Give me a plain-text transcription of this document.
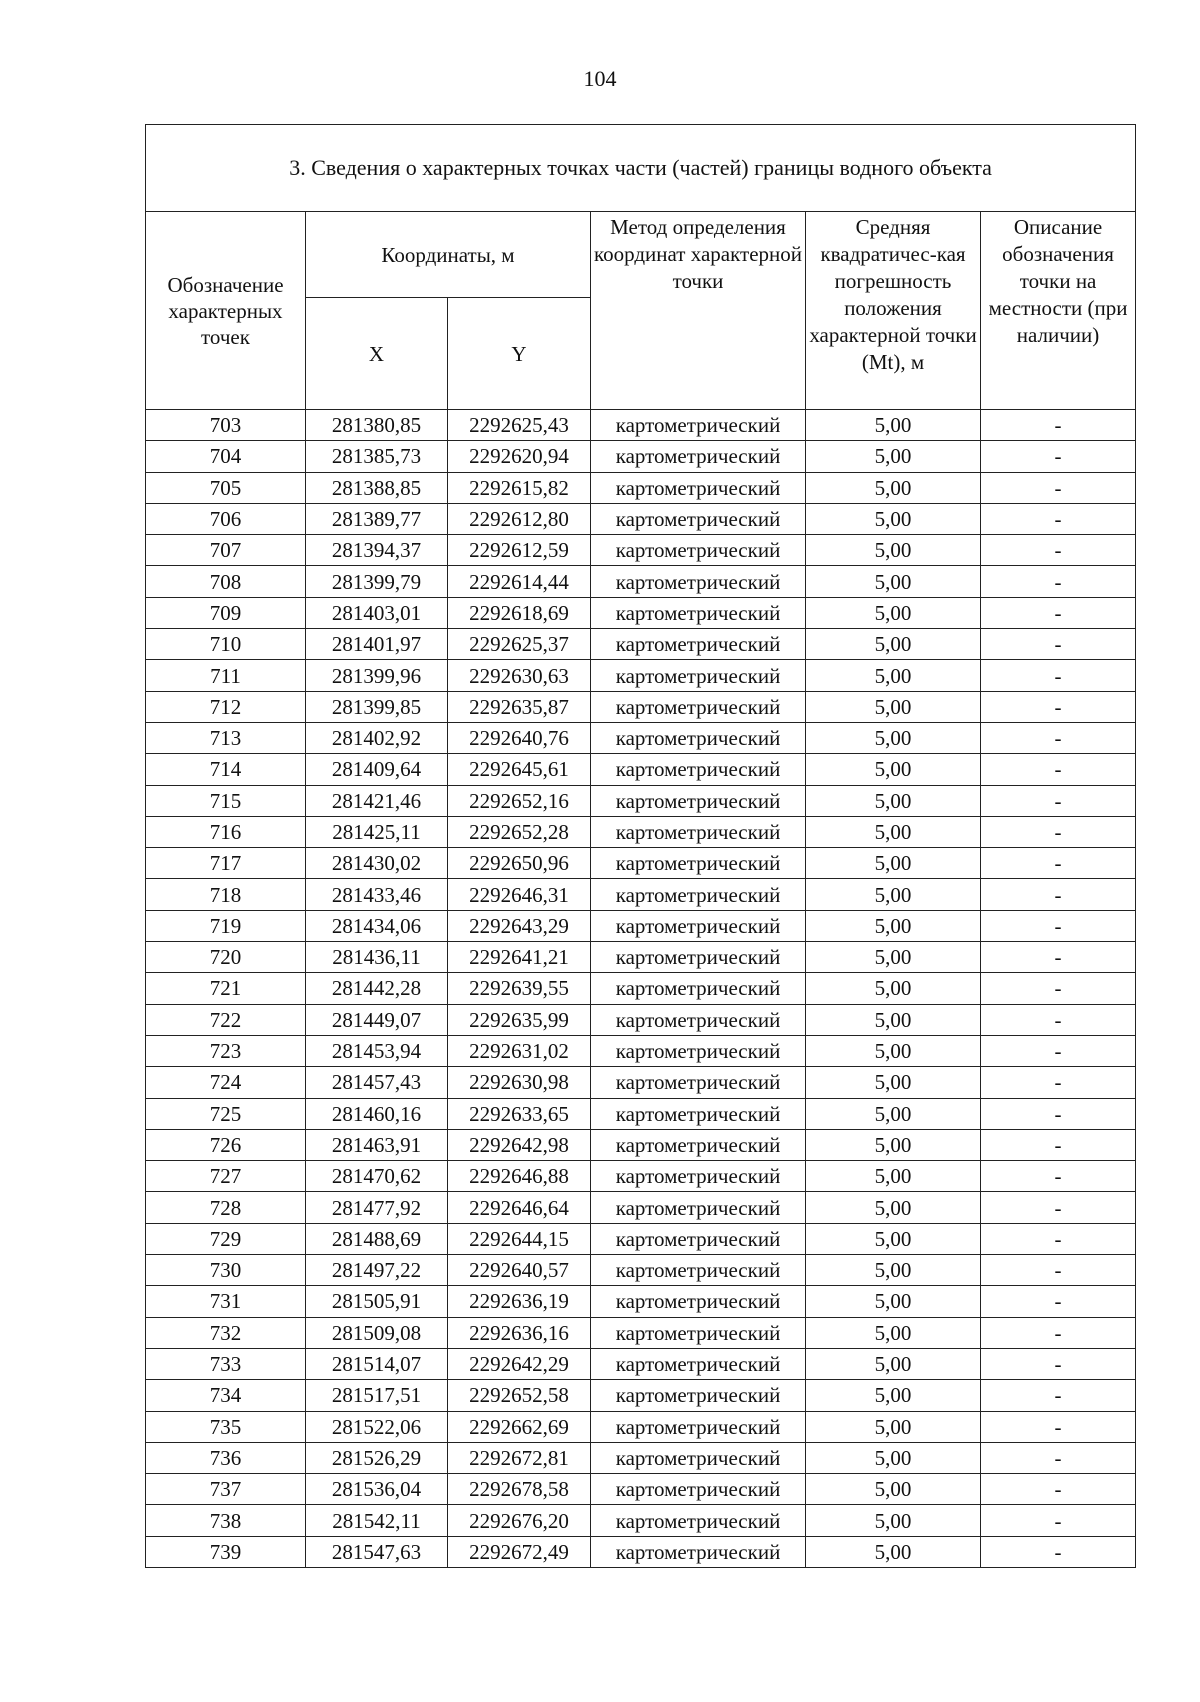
104
3. Сведения о характерных точках части (частей) границы водного объекта					
Обозначение характерных точек	Координаты, м		Метод определения координат характерной точки	Средняя квадратичес-кая погрешность положения характерной точки (Mt), м	Описание обозначения точки на местности (при наличии)
	X	Y			
703	281380,85	2292625,43	картометрический	5,00	-
704	281385,73	2292620,94	картометрический	5,00	-
705	281388,85	2292615,82	картометрический	5,00	-
706	281389,77	2292612,80	картометрический	5,00	-
707	281394,37	2292612,59	картометрический	5,00	-
708	281399,79	2292614,44	картометрический	5,00	-
709	281403,01	2292618,69	картометрический	5,00	-
710	281401,97	2292625,37	картометрический	5,00	-
711	281399,96	2292630,63	картометрический	5,00	-
712	281399,85	2292635,87	картометрический	5,00	-
713	281402,92	2292640,76	картометрический	5,00	-
714	281409,64	2292645,61	картометрический	5,00	-
715	281421,46	2292652,16	картометрический	5,00	-
716	281425,11	2292652,28	картометрический	5,00	-
717	281430,02	2292650,96	картометрический	5,00	-
718	281433,46	2292646,31	картометрический	5,00	-
719	281434,06	2292643,29	картометрический	5,00	-
720	281436,11	2292641,21	картометрический	5,00	-
721	281442,28	2292639,55	картометрический	5,00	-
722	281449,07	2292635,99	картометрический	5,00	-
723	281453,94	2292631,02	картометрический	5,00	-
724	281457,43	2292630,98	картометрический	5,00	-
725	281460,16	2292633,65	картометрический	5,00	-
726	281463,91	2292642,98	картометрический	5,00	-
727	281470,62	2292646,88	картометрический	5,00	-
728	281477,92	2292646,64	картометрический	5,00	-
729	281488,69	2292644,15	картометрический	5,00	-
730	281497,22	2292640,57	картометрический	5,00	-
731	281505,91	2292636,19	картометрический	5,00	-
732	281509,08	2292636,16	картометрический	5,00	-
733	281514,07	2292642,29	картометрический	5,00	-
734	281517,51	2292652,58	картометрический	5,00	-
735	281522,06	2292662,69	картометрический	5,00	-
736	281526,29	2292672,81	картометрический	5,00	-
737	281536,04	2292678,58	картометрический	5,00	-
738	281542,11	2292676,20	картометрический	5,00	-
739	281547,63	2292672,49	картометрический	5,00	-
